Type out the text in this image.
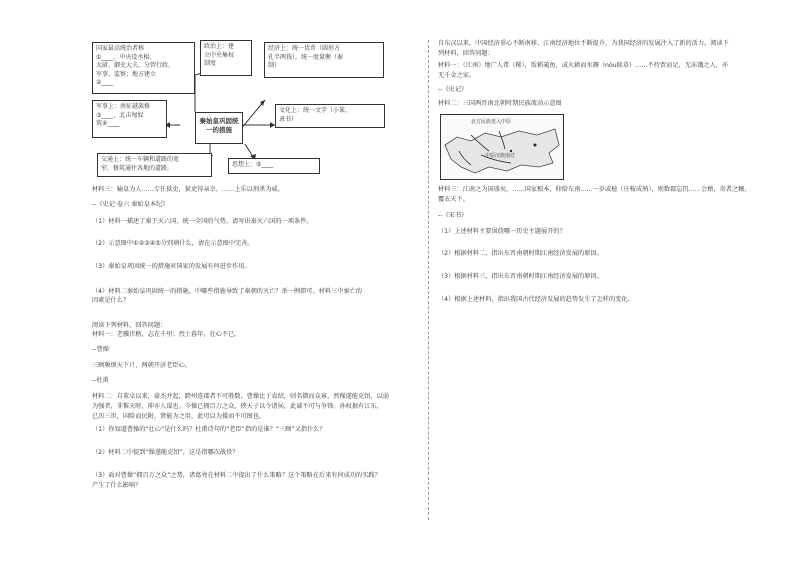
国家最高统治者称
①____，中央设丞相、
太尉、御史大夫，分管行政、
军事、监察；地方建立
②____
政治上：建
立中央集权
制度
经济上：统一货币（圆形方
孔半两钱），统一度量衡（秦
制）
军事上：南征越族修
③____，北击匈奴
筑④____	秦始皇巩固统一的措施
文化上：统一文字（小篆、
隶书）
交通上：统一车辆和道路的宽
窄，修筑通往各地的道路。
思想上：⑤____
材料三：输皇为人……专任狱吏，狱吏得亲幸。……上乐以刑杀为威。
--《史记·卷六 秦始皇本纪》
（1）材料一描述了秦王灭六国、统一全国的气势。请写出秦灭六国的一项条件。
（2）示意图中①②③④⑤分别填什么，请在示意图中完善。
（3）秦始皇巩固统一的措施对国家的发展有何进步作用。
（4）材料二秦始皇巩固统一的措施，中哪些措施导致了秦朝的灭亡？举一例即可。材料三中秦亡的
因素是什么？
阅读下列材料，回答问题：
材料一：老骥伏枥，志在千里；烈士暮年，壮心不已。
--曹操
三顾频烦天下计，两朝开济老臣心。
--杜甫
材料二：自董卓以来，豪杰并起，跨州连郡者不可胜数。曹操比于袁绍，则名微而众寡，然操遂能克绍，以弱
为强者，非惟天时，抑亦人谋也。今操已拥百万之众，挟天子以令诸侯，此诚不可与争锋。孙权据有江东，
已历三世，国险而民附，贤能为之用，此可以为援而不可图也。
（1）你知道曹操的“壮心”是什么吗？杜甫诗句的“老臣”指的是谁？“三顾”又指什么？
（2）材料二中提到“操遂能克绍”，这是指哪次战役？
（3）面对曹操“拥百万之众”之势，诸葛亮在材料二中提出了什么策略？这个策略在后来有何成功的实践？
产生了什么影响？
自东汉以来，中国经济重心不断南移，江南经济地位不断提升，为我国经济的发展注入了新的活力。阅读下
列材料，回答问题：
材料一：（江南）地广人希（稀），饭稻羹鱼，或火耕而水耨（nòu除草）……不待贾而足，无冻饿之人，亦
无千金之家。
--《史记》
材料二：三国两晋南北朝时期民族流动示意图
北方民族进入中原
中原汉族南迁
材料三：江南之为国盛矣，……国家根本，仰给东南……一岁或稔（庄稼成熟），则数郡忘饥……会稽，奇者之穰，
覆衣天下。
--《宋书》
（1）上述材料主要围绕哪一历史主题展开的？
（2）根据材料二，指出东晋南朝时期江南经济发展的原因。
（3）根据材料三，指出东晋南朝时期江南经济发展的原因。
（4）根据上述材料，指出我国古代经济发展的趋势发生了怎样的变化。
